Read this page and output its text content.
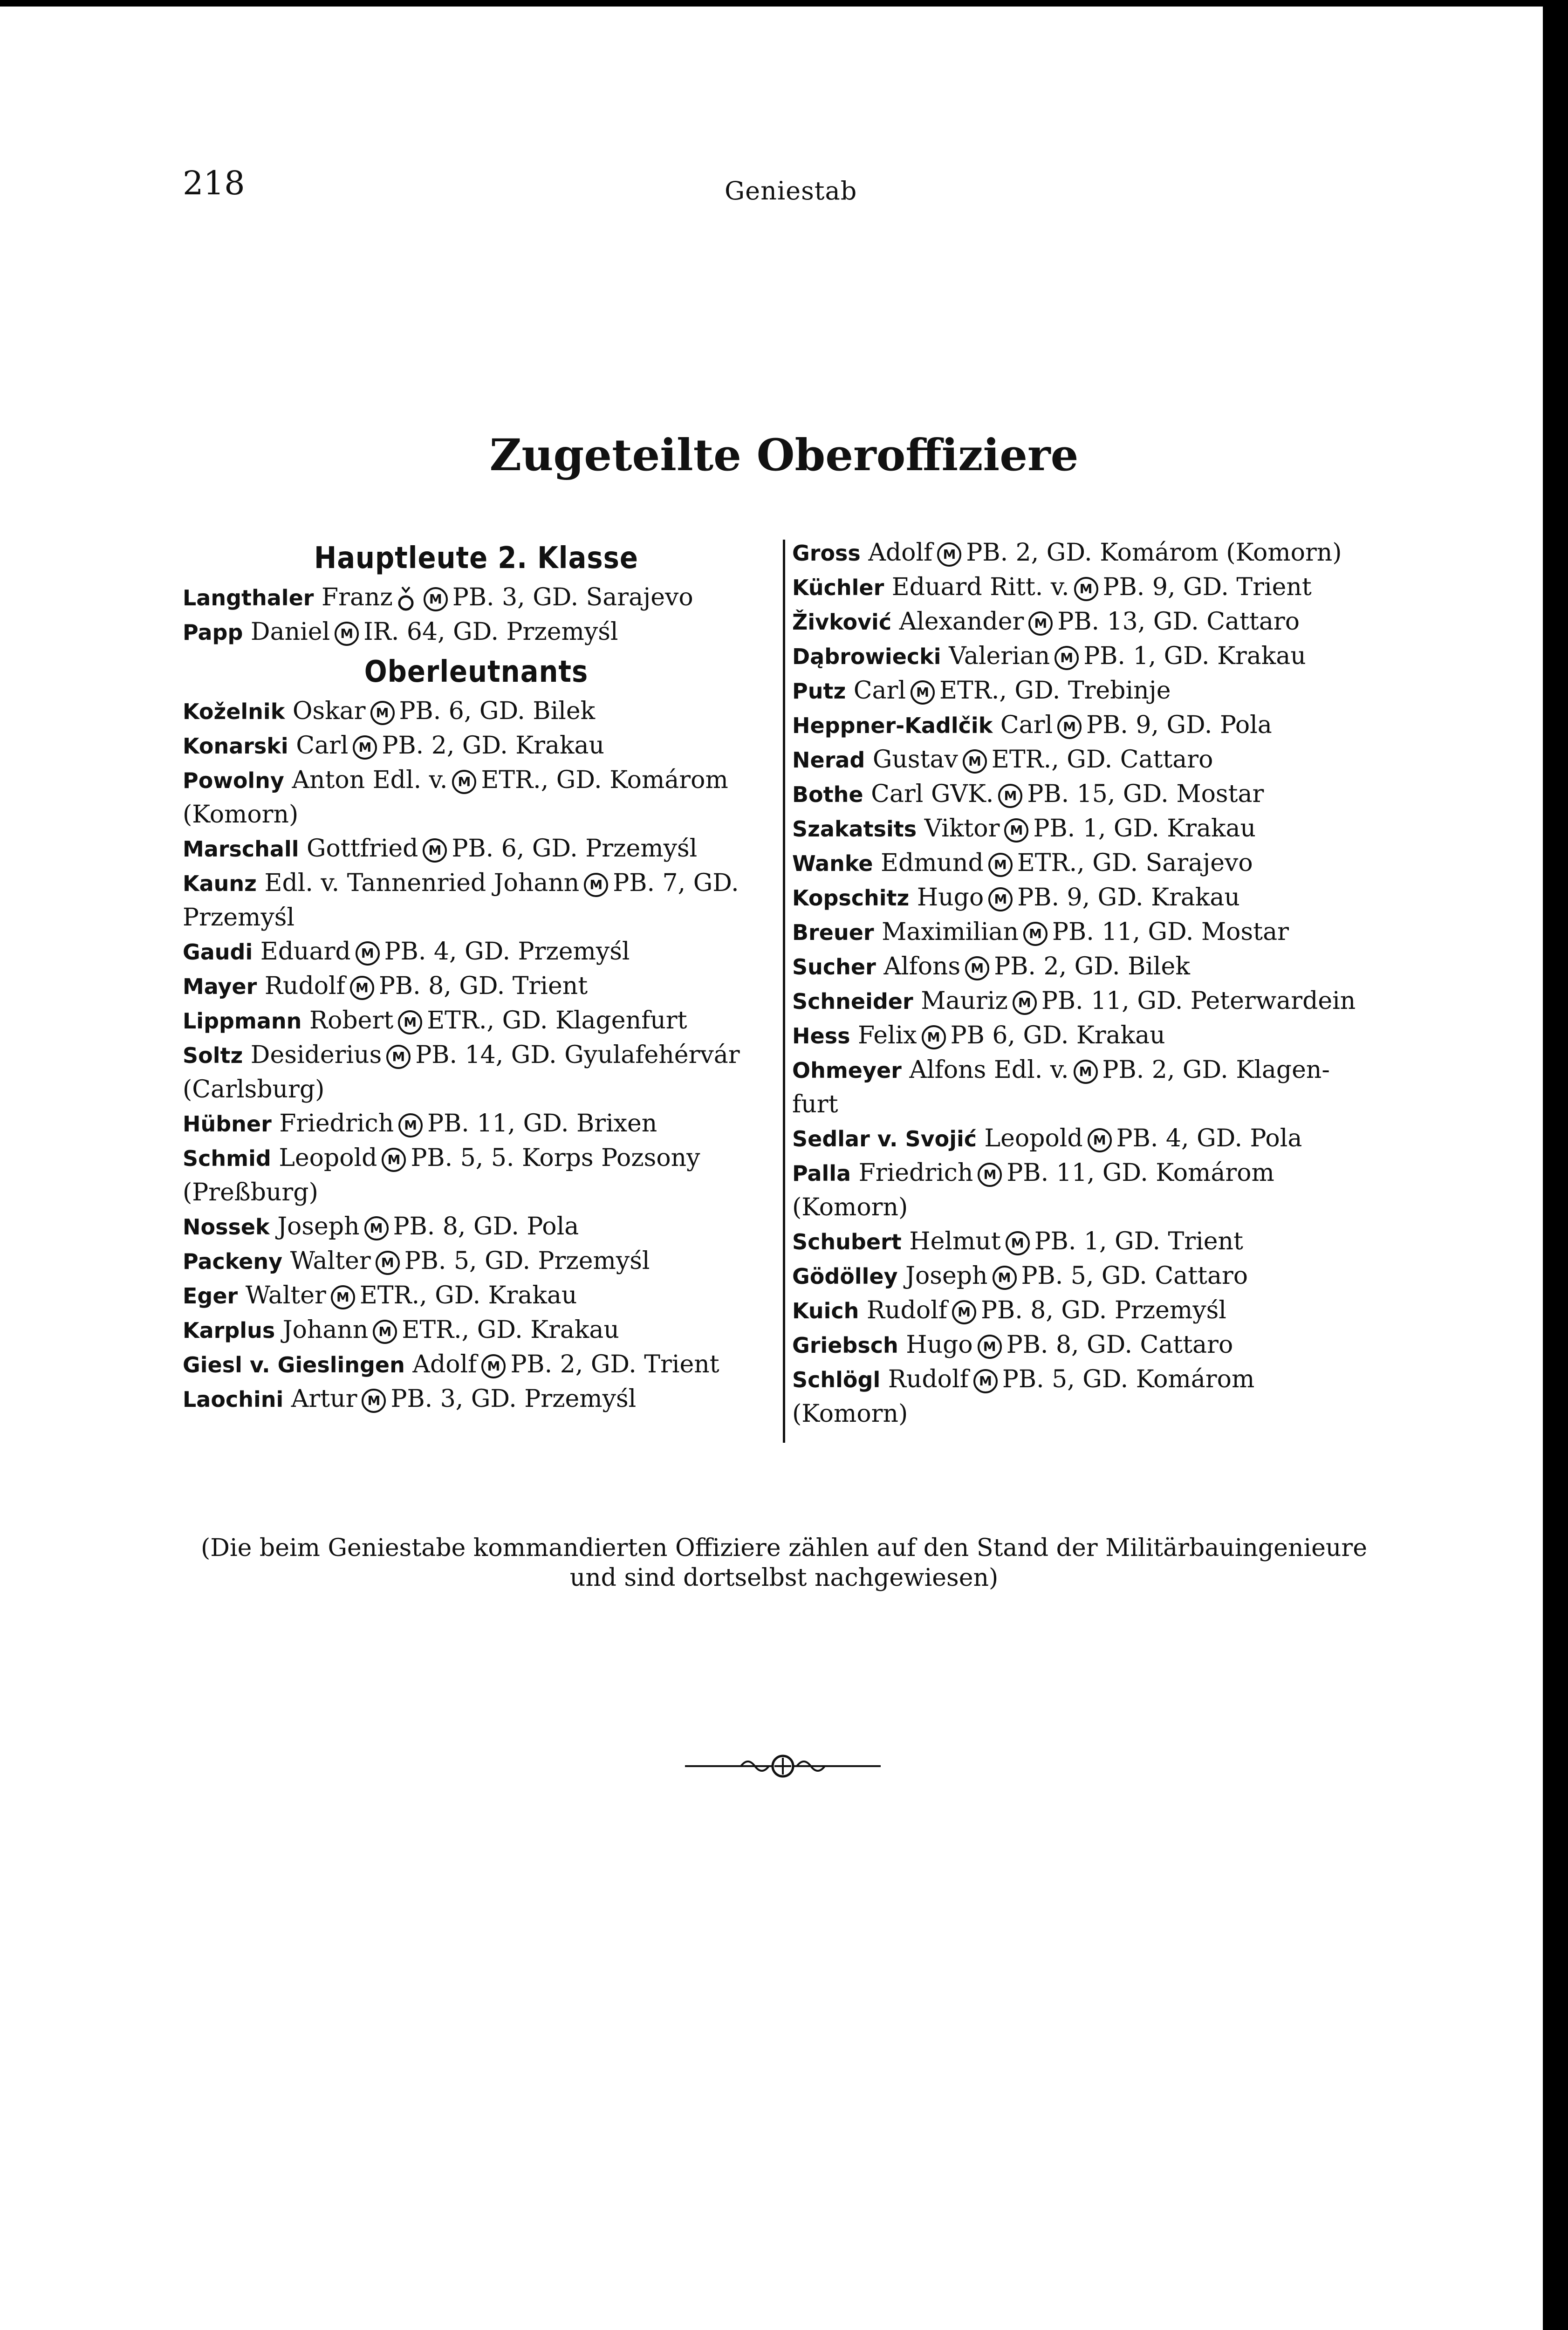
218	Geniestab
Zugeteilte Oberoffiziere
Hauptleute 2. Klasse

Langthaler Franz	M PB. 3, GD. Sarajevo

Papp Daniel M IR. 64, GD. Przemyśl

Oberleutnants

Koželnik Oskar M PB. 6, GD. Bilek

Konarski Carl M PB. 2, GD. Krakau

Powolny Anton Edl. v. M ETR., GD. Komárom
(Komorn)

Marschall Gottfried M PB. 6, GD. Przemyśl

Kaunz Edl. v. Tannenried Johann M PB. 7, GD.
Przemyśl

Gaudi Eduard M PB. 4, GD. Przemyśl

Mayer Rudolf M PB. 8, GD. Trient

Lippmann Robert M ETR., GD. Klagenfurt

Soltz Desiderius M PB. 14, GD. Gyulafehérvár
(Carlsburg)

Hübner Friedrich M PB. 11, GD. Brixen

Schmid Leopold M PB. 5, 5. Korps Pozsony
(Preßburg)

Nossek Joseph M PB. 8, GD. Pola

Packeny Walter M PB. 5, GD. Przemyśl

Eger Walter M ETR., GD. Krakau

Karplus Johann M ETR., GD. Krakau

Giesl v. Gieslingen Adolf M PB. 2, GD. Trient

Laochini Artur M PB. 3, GD. Przemyśl

Gross Adolf M PB. 2, GD. Komárom (Komorn)

Küchler Eduard Ritt. v. M PB. 9, GD. Trient

Živković Alexander M PB. 13, GD. Cattaro

Dąbrowiecki Valerian M PB. 1, GD. Krakau

Putz Carl M ETR., GD. Trebinje

Heppner-Kadlčik Carl M PB. 9, GD. Pola

Nerad Gustav M ETR., GD. Cattaro

Bothe Carl GVK. M PB. 15, GD. Mostar

Szakatsits Viktor M PB. 1, GD. Krakau

Wanke Edmund M ETR., GD. Sarajevo

Kopschitz Hugo M PB. 9, GD. Krakau

Breuer Maximilian M PB. 11, GD. Mostar

Sucher Alfons M PB. 2, GD. Bilek

Schneider Mauriz M PB. 11, GD. Peterwardein

Hess Felix M PB 6, GD. Krakau

Ohmeyer Alfons Edl. v. M PB. 2, GD. Klagen-
furt

Sedlar v. Svojić Leopold M PB. 4, GD. Pola

Palla Friedrich M PB. 11, GD. Komárom
(Komorn)

Schubert Helmut M PB. 1, GD. Trient

Gödölley Joseph M PB. 5, GD. Cattaro

Kuich Rudolf M PB. 8, GD. Przemyśl

Griebsch Hugo M PB. 8, GD. Cattaro

Schlögl Rudolf M PB. 5, GD. Komárom
(Komorn)

(Die beim Geniestabe kommandierten Offiziere zählen auf den Stand der Militärbauingenieure
und sind dortselbst nachgewiesen)
